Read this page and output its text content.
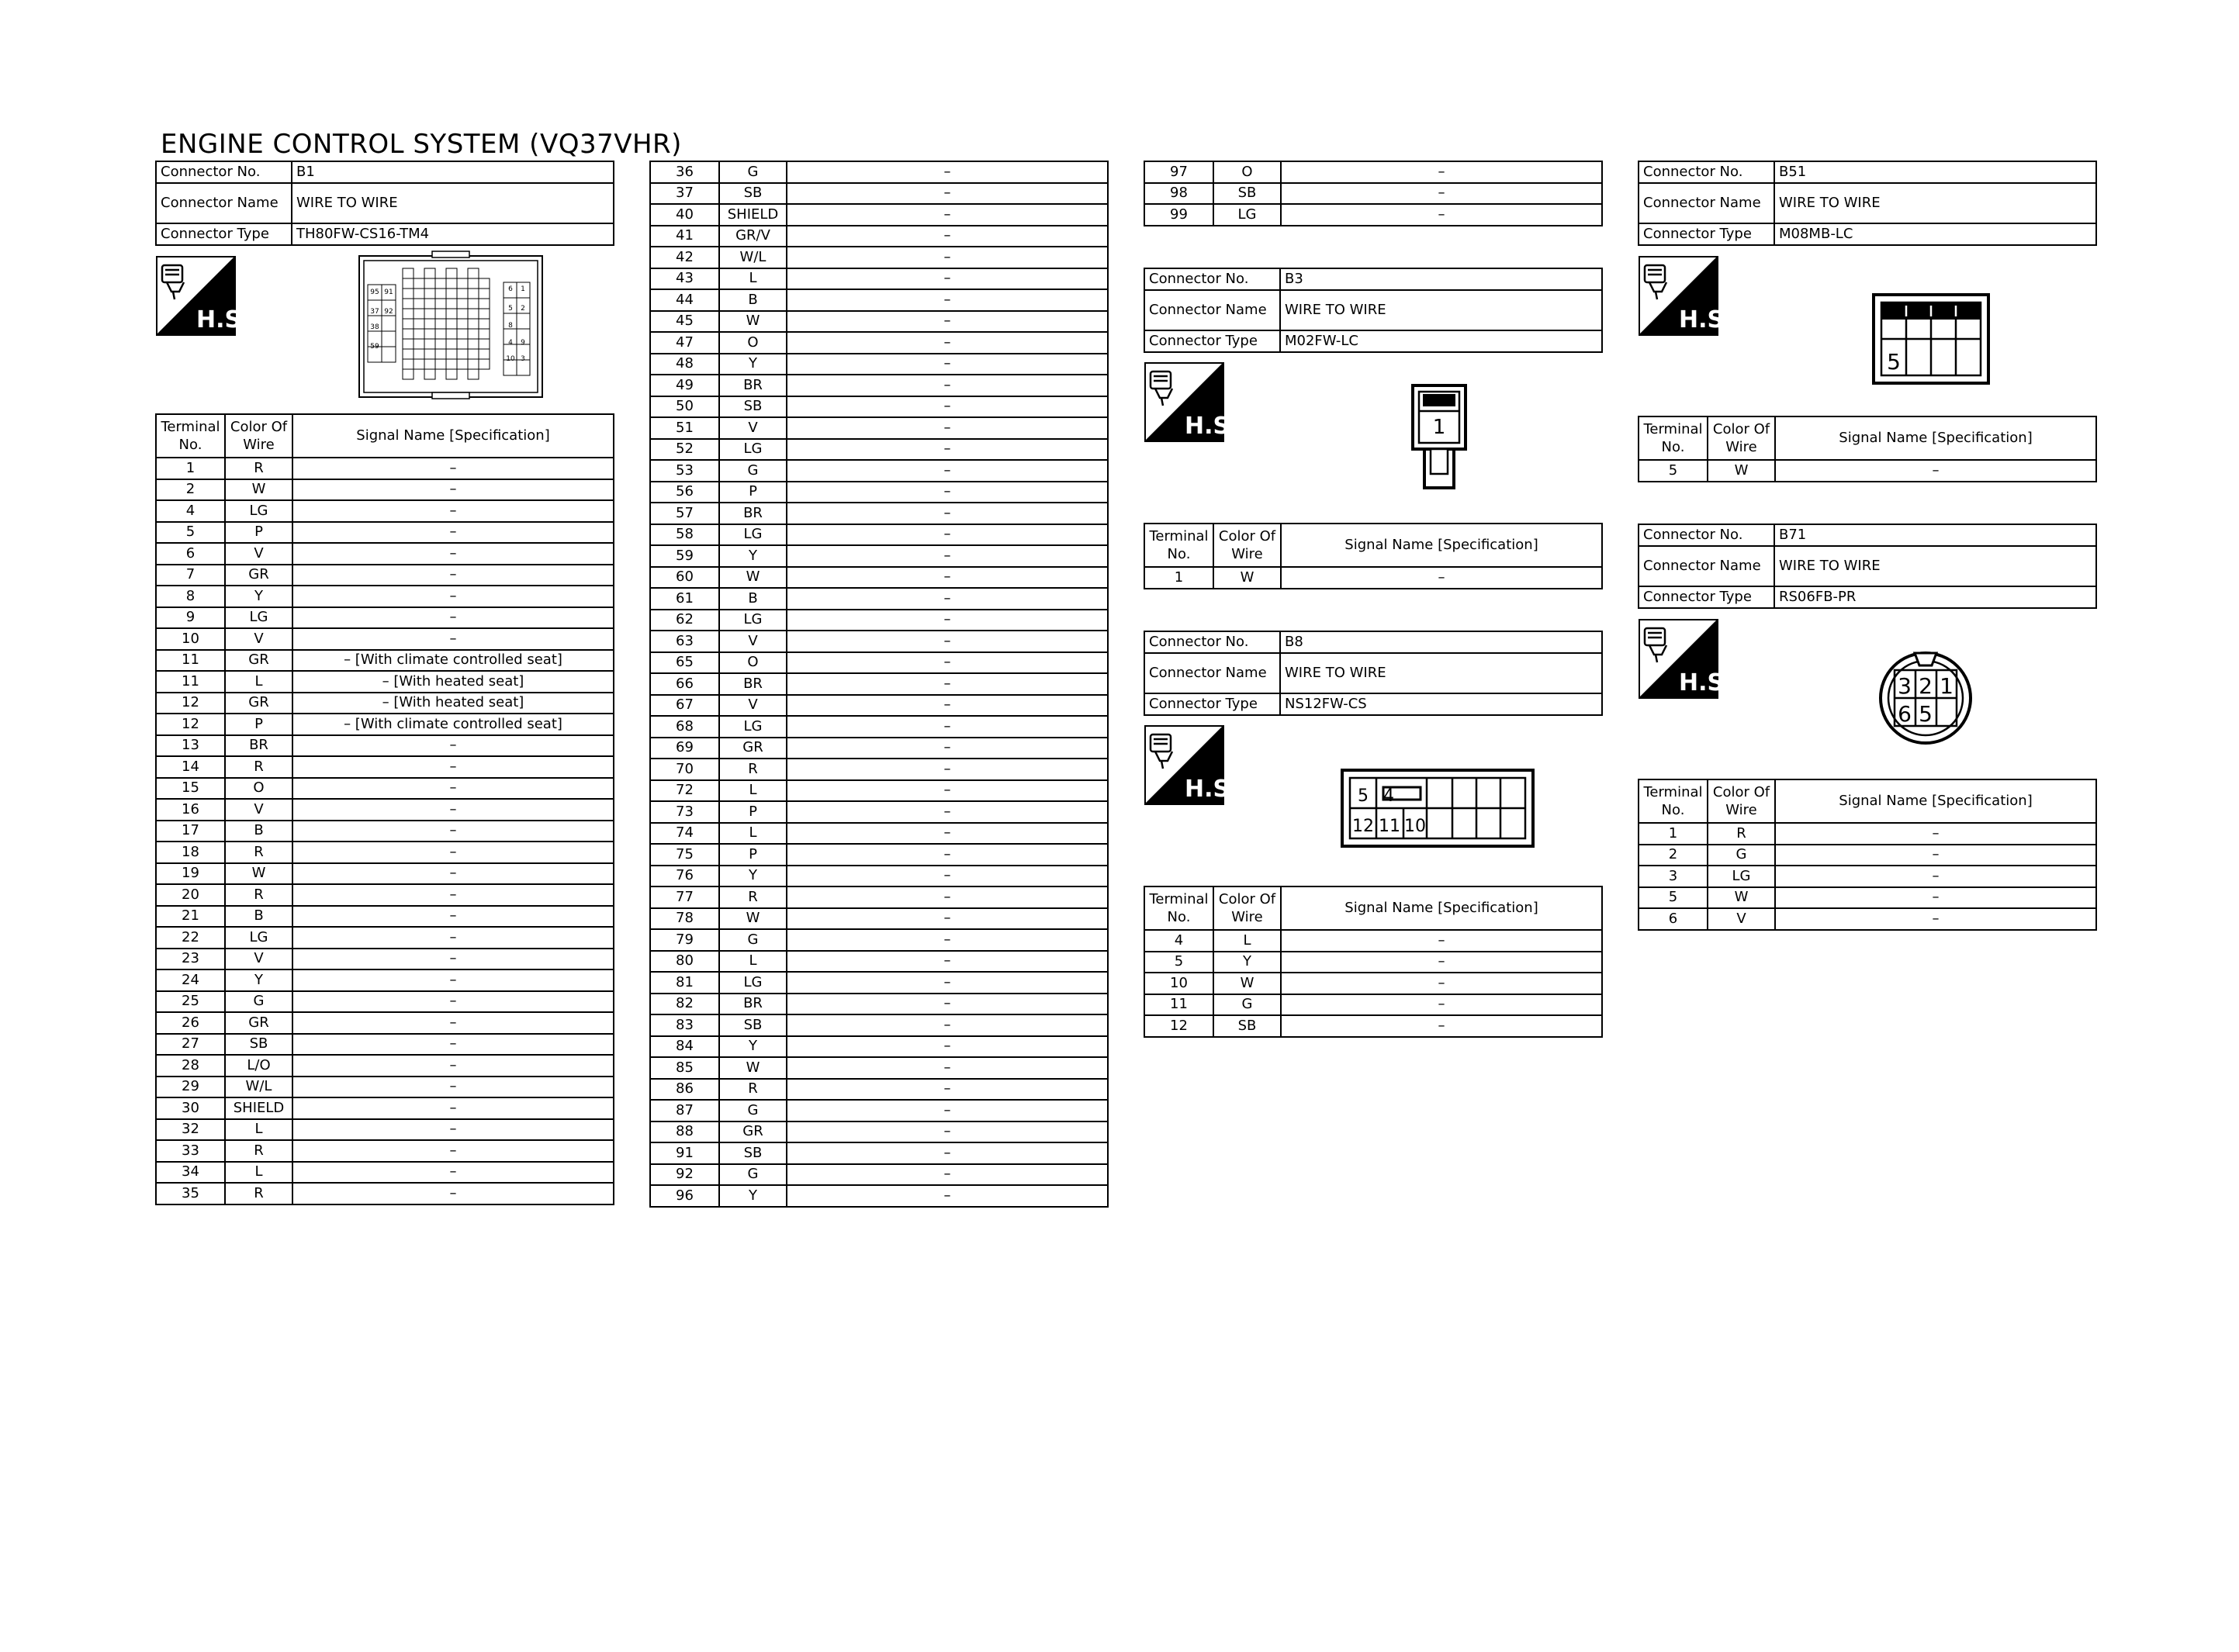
ENGINE CONTROL SYSTEM (VQ37VHR)
Connector No.	B1
Connector Name	WIRE TO WIRE
Connector Type	TH80FW-CS16-TM4
H.S.
95 91
37 92
38
59
1
2
8
9
4
6
5
10 3
Terminal No.	Color Of Wire	Signal Name [Specification]
1	R	–
2	W	–
4	LG	–
5	P	–
6	V	–
7	GR	–
8	Y	–
9	LG	–
10	V	–
11	GR	– [With climate controlled seat]
11	L	– [With heated seat]
12	GR	– [With heated seat]
12	P	– [With climate controlled seat]
13	BR	–
14	R	–
15	O	–
16	V	–
17	B	–
18	R	–
19	W	–
20	R	–
21	B	–
22	LG	–
23	V	–
24	Y	–
25	G	–
26	GR	–
27	SB	–
28	L/O	–
29	W/L	–
30	SHIELD	–
32	L	–
33	R	–
34	L	–
35	R	–
36	G	–
37	SB	–
40	SHIELD	–
41	GR/V	–
42	W/L	–
43	L	–
44	B	–
45	W	–
47	O	–
48	Y	–
49	BR	–
50	SB	–
51	V	–
52	LG	–
53	G	–
56	P	–
57	BR	–
58	LG	–
59	Y	–
60	W	–
61	B	–
62	LG	–
63	V	–
65	O	–
66	BR	–
67	V	–
68	LG	–
69	GR	–
70	R	–
72	L	–
73	P	–
74	L	–
75	P	–
76	Y	–
77	R	–
78	W	–
79	G	–
80	L	–
81	LG	–
82	BR	–
83	SB	–
84	Y	–
85	W	–
86	R	–
87	G	–
88	GR	–
91	SB	–
92	G	–
96	Y	–
97	O	–
98	SB	–
99	LG	–
Connector No.	B3
Connector Name	WIRE TO WIRE
Connector Type	M02FW-LC
H.S.	1
Terminal No.	Color Of Wire	Signal Name [Specification]
1	W	–
Connector No.	B8
Connector Name	WIRE TO WIRE
Connector Type	NS12FW-CS
H.S.	5 4
12 11 10
Terminal No.	Color Of Wire	Signal Name [Specification]
4	L	–
5	Y	–
10	W	–
11	G	–
12	SB	–
Connector No.	B51
Connector Name	WIRE TO WIRE
Connector Type	M08MB-LC
H.S.
5
Terminal No.	Color Of Wire	Signal Name [Specification]
5	W	–
Connector No.	B71
Connector Name	WIRE TO WIRE
Connector Type	RS06FB-PR
H.S.	3 2 1
6 5
Terminal No.	Color Of Wire	Signal Name [Specification]
1	R	–
2	G	–
3	LG	–
5	W	–
6	V	–
